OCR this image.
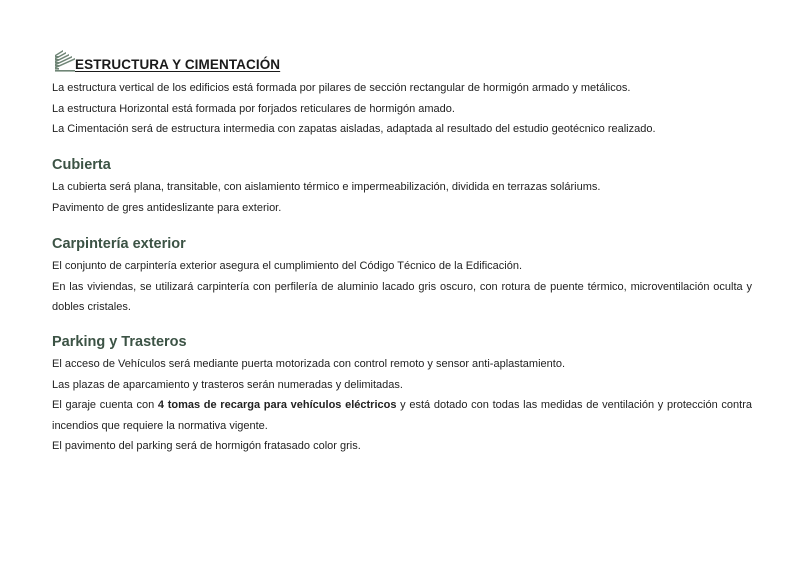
ESTRUCTURA Y CIMENTACIÓN
La estructura vertical de los edificios está formada por pilares de sección rectangular de hormigón armado y metálicos.
La estructura Horizontal está formada por forjados reticulares de hormigón amado.
La Cimentación será de estructura intermedia con zapatas aisladas, adaptada al resultado del estudio geotécnico realizado.
Cubierta
La cubierta será plana, transitable, con aislamiento térmico e impermeabilización, dividida en terrazas soláriums.
Pavimento de gres antideslizante para exterior.
Carpintería exterior
El conjunto de carpintería exterior asegura el cumplimiento del Código Técnico de la Edificación.
En las viviendas, se utilizará carpintería con perfilería de aluminio lacado gris oscuro, con rotura de puente térmico, microventilación oculta y dobles cristales.
Parking y Trasteros
El acceso de Vehículos será mediante puerta motorizada con control remoto y sensor anti-aplastamiento.
Las plazas de aparcamiento y trasteros serán numeradas y delimitadas.
El garaje cuenta con 4 tomas de recarga para vehículos eléctricos y está dotado con todas las medidas de ventilación y protección contra incendios que requiere la normativa vigente.
El pavimento del parking será de hormigón fratasado color gris.
